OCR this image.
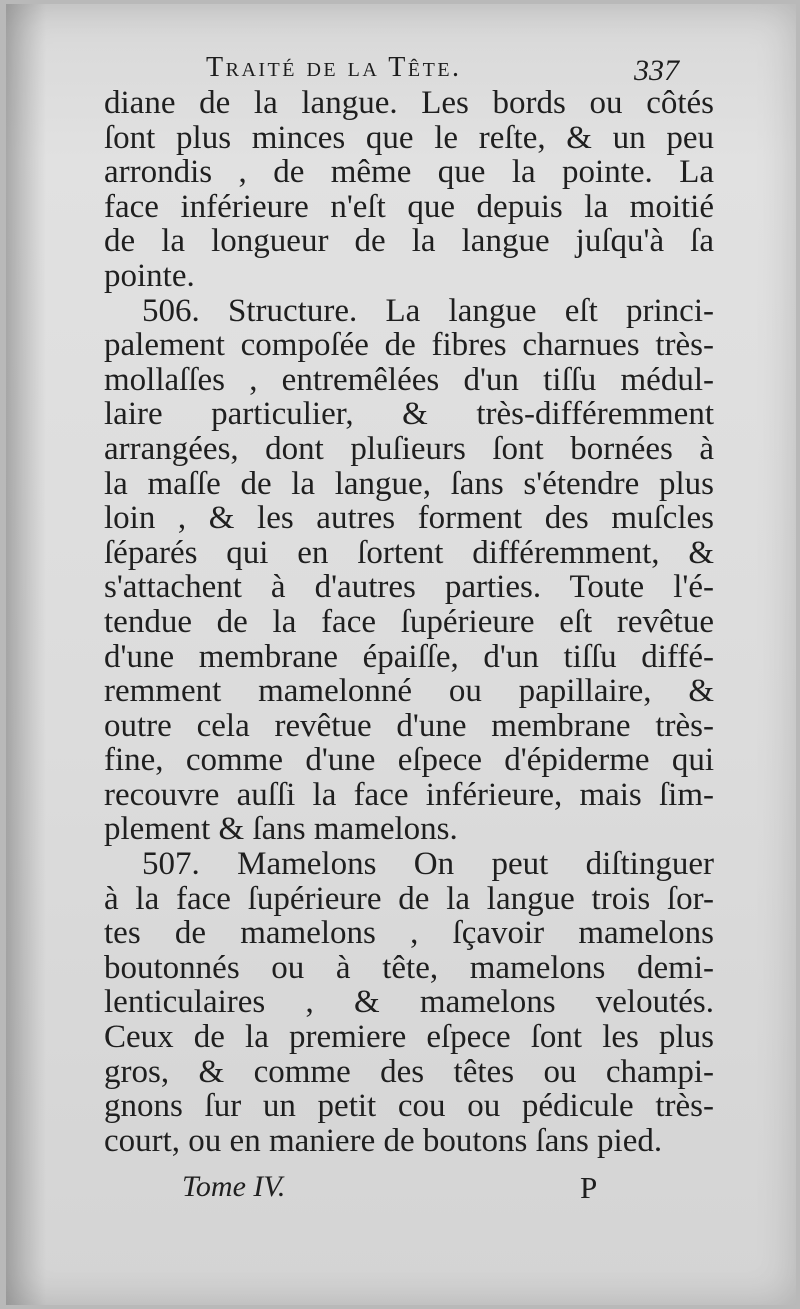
Traité de la Tête.	337
diane de la langue. Les bords ou côtés
ſont plus minces que le reſte, & un peu
arrondis , de même que la pointe. La
face inférieure n'eſt que depuis la moitié
de la longueur de la langue juſqu'à ſa
pointe.
506. Structure. La langue eſt princi-
palement compoſée de fibres charnues très-
mollaſſes , entremêlées d'un tiſſu médul-
laire particulier, & très-différemment
arrangées, dont pluſieurs ſont bornées à
la maſſe de la langue, ſans s'étendre plus
loin , & les autres forment des muſcles
ſéparés qui en ſortent différemment, &
s'attachent à d'autres parties. Toute l'é-
tendue de la face ſupérieure eſt revêtue
d'une membrane épaiſſe, d'un tiſſu diffé-
remment mamelonné ou papillaire, &
outre cela revêtue d'une membrane très-
fine, comme d'une eſpece d'épiderme qui
recouvre auſſi la face inférieure, mais ſim-
plement & ſans mamelons.
507. Mamelons On peut diſtinguer
à la face ſupérieure de la langue trois ſor-
tes de mamelons , ſçavoir mamelons
boutonnés ou à tête, mamelons demi-
lenticulaires , & mamelons veloutés.
Ceux de la premiere eſpece ſont les plus
gros, & comme des têtes ou champi-
gnons ſur un petit cou ou pédicule très-
court, ou en maniere de boutons ſans pied.
Tome IV.	P
